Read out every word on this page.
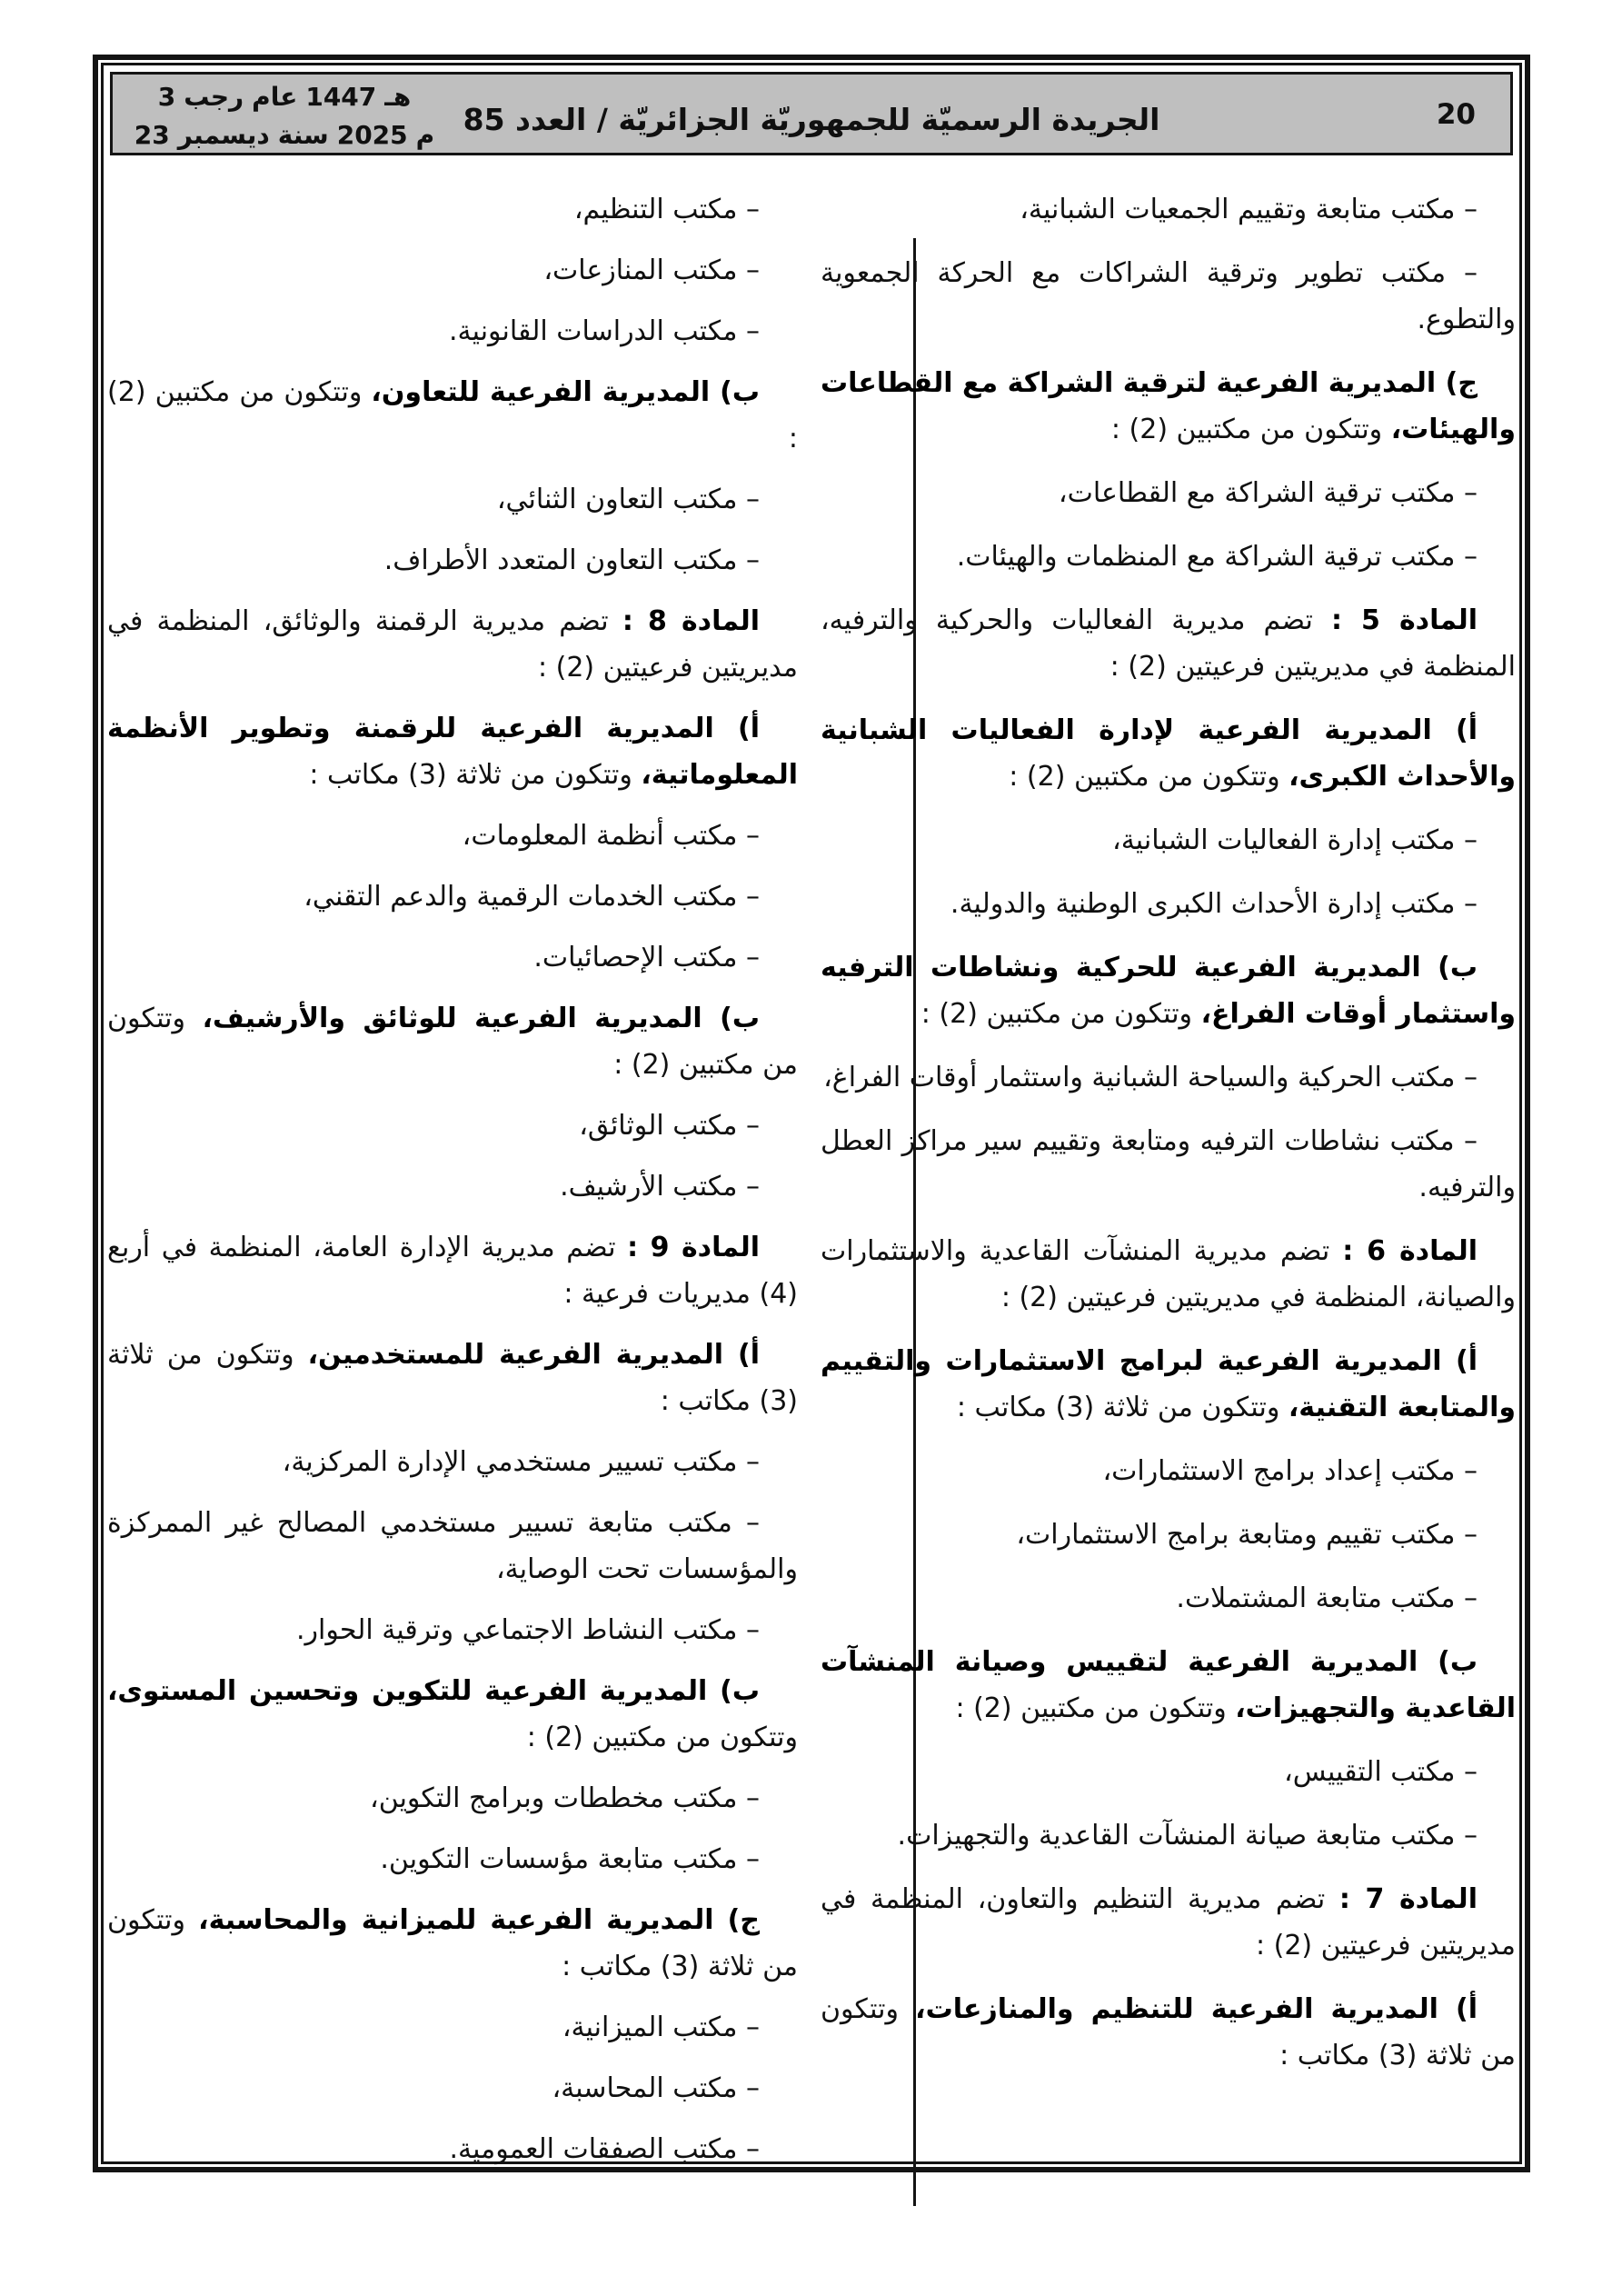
3 رجب عام 1447 هـ
23 ديسمبر سنة 2025 م الجريدة الرسميّة للجمهوريّة الجزائريّة / العدد 85	20

– مكتب متابعة وتقييم الجمعيات الشبانية،

– مكتب تطوير وترقية الشراكات مع الحركة الجمعوية والتطوع.

ج) المديرية الفرعية لترقية الشراكة مع القطاعات والهيئات، وتتكون من مكتبين (2) :

– مكتب ترقية الشراكة مع القطاعات،

– مكتب ترقية الشراكة مع المنظمات والهيئات.

المادة 5 : تضم مديرية الفعاليات والحركية والترفيه، المنظمة في مديريتين فرعيتين (2) :

أ) المديرية الفرعية لإدارة الفعاليات الشبانية والأحداث الكبرى، وتتكون من مكتبين (2) :

– مكتب إدارة الفعاليات الشبانية،

– مكتب إدارة الأحداث الكبرى الوطنية والدولية.

ب) المديرية الفرعية للحركية ونشاطات الترفيه واستثمار أوقات الفراغ، وتتكون من مكتبين (2) :

– مكتب الحركية والسياحة الشبانية واستثمار أوقات الفراغ،

– مكتب نشاطات الترفيه ومتابعة وتقييم سير مراكز العطل والترفيه.

المادة 6 : تضم مديرية المنشآت القاعدية والاستثمارات والصيانة، المنظمة في مديريتين فرعيتين (2) :

أ) المديرية الفرعية لبرامج الاستثمارات والتقييم والمتابعة التقنية، وتتكون من ثلاثة (3) مكاتب :

– مكتب إعداد برامج الاستثمارات،

– مكتب تقييم ومتابعة برامج الاستثمارات،

– مكتب متابعة المشتملات.

ب) المديرية الفرعية لتقييس وصيانة المنشآت القاعدية والتجهيزات، وتتكون من مكتبين (2) :

– مكتب التقييس،

– مكتب متابعة صيانة المنشآت القاعدية والتجهيزات.

المادة 7 : تضم مديرية التنظيم والتعاون، المنظمة في مديريتين فرعيتين (2) :

أ) المديرية الفرعية للتنظيم والمنازعات، وتتكون من ثلاثة (3) مكاتب :

– مكتب التنظيم،

– مكتب المنازعات،

– مكتب الدراسات القانونية.

ب) المديرية الفرعية للتعاون، وتتكون من مكتبين (2) :

– مكتب التعاون الثنائي،

– مكتب التعاون المتعدد الأطراف.

المادة 8 : تضم مديرية الرقمنة والوثائق، المنظمة في مديريتين فرعيتين (2) :

أ) المديرية الفرعية للرقمنة وتطوير الأنظمة المعلوماتية، وتتكون من ثلاثة (3) مكاتب :

– مكتب أنظمة المعلومات،

– مكتب الخدمات الرقمية والدعم التقني،

– مكتب الإحصائيات.

ب) المديرية الفرعية للوثائق والأرشيف، وتتكون من مكتبين (2) :

– مكتب الوثائق،

– مكتب الأرشيف.

المادة 9 : تضم مديرية الإدارة العامة، المنظمة في أربع (4) مديريات فرعية :

أ) المديرية الفرعية للمستخدمين، وتتكون من ثلاثة (3) مكاتب :

– مكتب تسيير مستخدمي الإدارة المركزية،

– مكتب متابعة تسيير مستخدمي المصالح غير الممركزة والمؤسسات تحت الوصاية،

– مكتب النشاط الاجتماعي وترقية الحوار.

ب) المديرية الفرعية للتكوين وتحسين المستوى، وتتكون من مكتبين (2) :

– مكتب مخططات وبرامج التكوين،

– مكتب متابعة مؤسسات التكوين.

ج) المديرية الفرعية للميزانية والمحاسبة، وتتكون من ثلاثة (3) مكاتب :

– مكتب الميزانية،

– مكتب المحاسبة،

– مكتب الصفقات العمومية.
